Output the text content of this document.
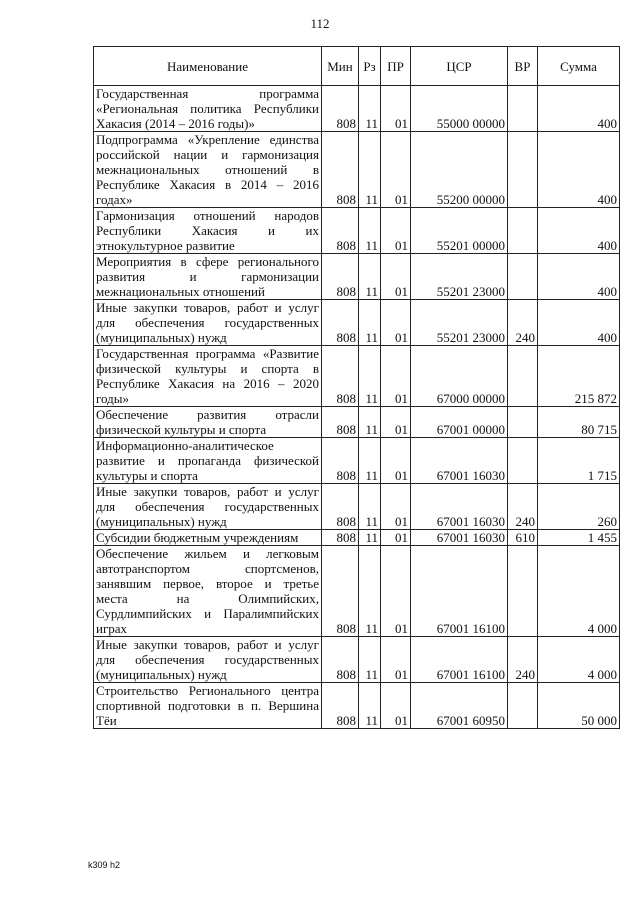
112
Наименование	Мин	Рз	ПР	ЦСР	ВР	Сумма
Государственная программа «Региональная политика Республики Хакасия (2014 – 2016 годы)»	808	11	01	55000 00000		400
Подпрограмма «Укрепление единства российской нации и гармонизация межнациональных отношений в Республике Хакасия в 2014 – 2016 годах»	808	11	01	55200 00000		400
Гармонизация отношений народов Республики Хакасия и их этнокультурное развитие	808	11	01	55201 00000		400
Мероприятия в сфере регионального развития и гармонизации межнациональных отношений	808	11	01	55201 23000		400
Иные закупки товаров, работ и услуг для обеспечения государственных (муниципальных) нужд	808	11	01	55201 23000	240	400
Государственная программа «Развитие физической культуры и спорта в Республике Хакасия на 2016 – 2020 годы»	808	11	01	67000 00000		215 872
Обеспечение развития отрасли физической культуры и спорта	808	11	01	67001 00000		80 715
Информационно-аналитическое развитие и пропаганда физической культуры и спорта	808	11	01	67001 16030		1 715
Иные закупки товаров, работ и услуг для обеспечения государственных (муниципальных) нужд	808	11	01	67001 16030	240	260
Субсидии бюджетным учреждениям	808	11	01	67001 16030	610	1 455
Обеспечение жильем и легковым автотранспортом спортсменов, занявшим первое, второе и третье места на Олимпийских, Сурдлимпийских и Паралимпийских играх	808	11	01	67001 16100		4 000
Иные закупки товаров, работ и услуг для обеспечения государственных (муниципальных) нужд	808	11	01	67001 16100	240	4 000
Строительство Регионального центра спортивной подготовки в п. Вершина Тёи	808	11	01	67001 60950		50 000
k309 h2
